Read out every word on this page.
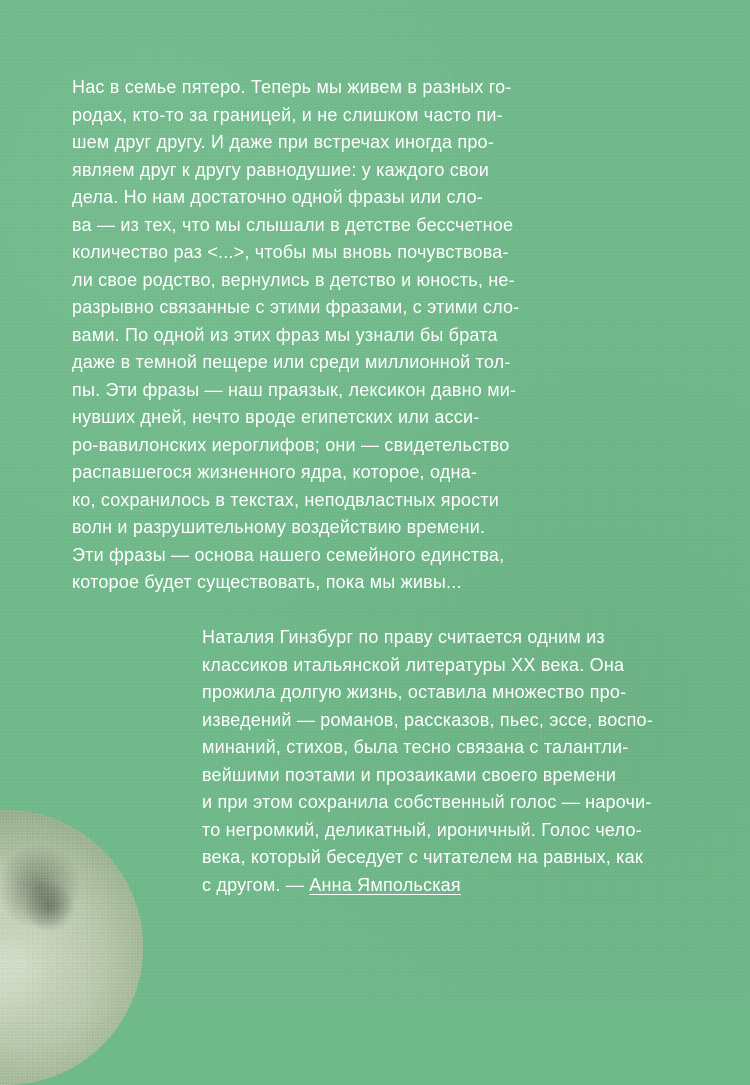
Нас в семье пятеро. Теперь мы живем в разных го-
родах, кто-то за границей, и не слишком часто пи-
шем друг другу. И даже при встречах иногда про-
являем друг к другу равнодушие: у каждого свои
дела. Но нам достаточно одной фразы или сло-
ва — из тех, что мы слышали в детстве бессчетное
количество раз <...>, чтобы мы вновь почувствова-
ли свое родство, вернулись в детство и юность, не-
разрывно связанные с этими фразами, с этими сло-
вами. По одной из этих фраз мы узнали бы брата
даже в темной пещере или среди миллионной тол-
пы. Эти фразы — наш праязык, лексикон давно ми-
нувших дней, нечто вроде египетских или асси-
ро-вавилонских иероглифов; они — свидетельство
распавшегося жизненного ядра, которое, одна-
ко, сохранилось в текстах, неподвластных ярости
волн и разрушительному воздействию времени.
Эти фразы — основа нашего семейного единства,
которое будет существовать, пока мы живы...
Наталия Гинзбург по праву считается одним из
классиков итальянской литературы XX века. Она
прожила долгую жизнь, оставила множество про-
изведений — романов, рассказов, пьес, эссе, воспо-
минаний, стихов, была тесно связана с талантли-
вейшими поэтами и прозаиками своего времени
и при этом сохранила собственный голос — нарочи-
то негромкий, деликатный, ироничный. Голос чело-
века, который беседует с читателем на равных, как
с другом. — Анна Ямпольская
